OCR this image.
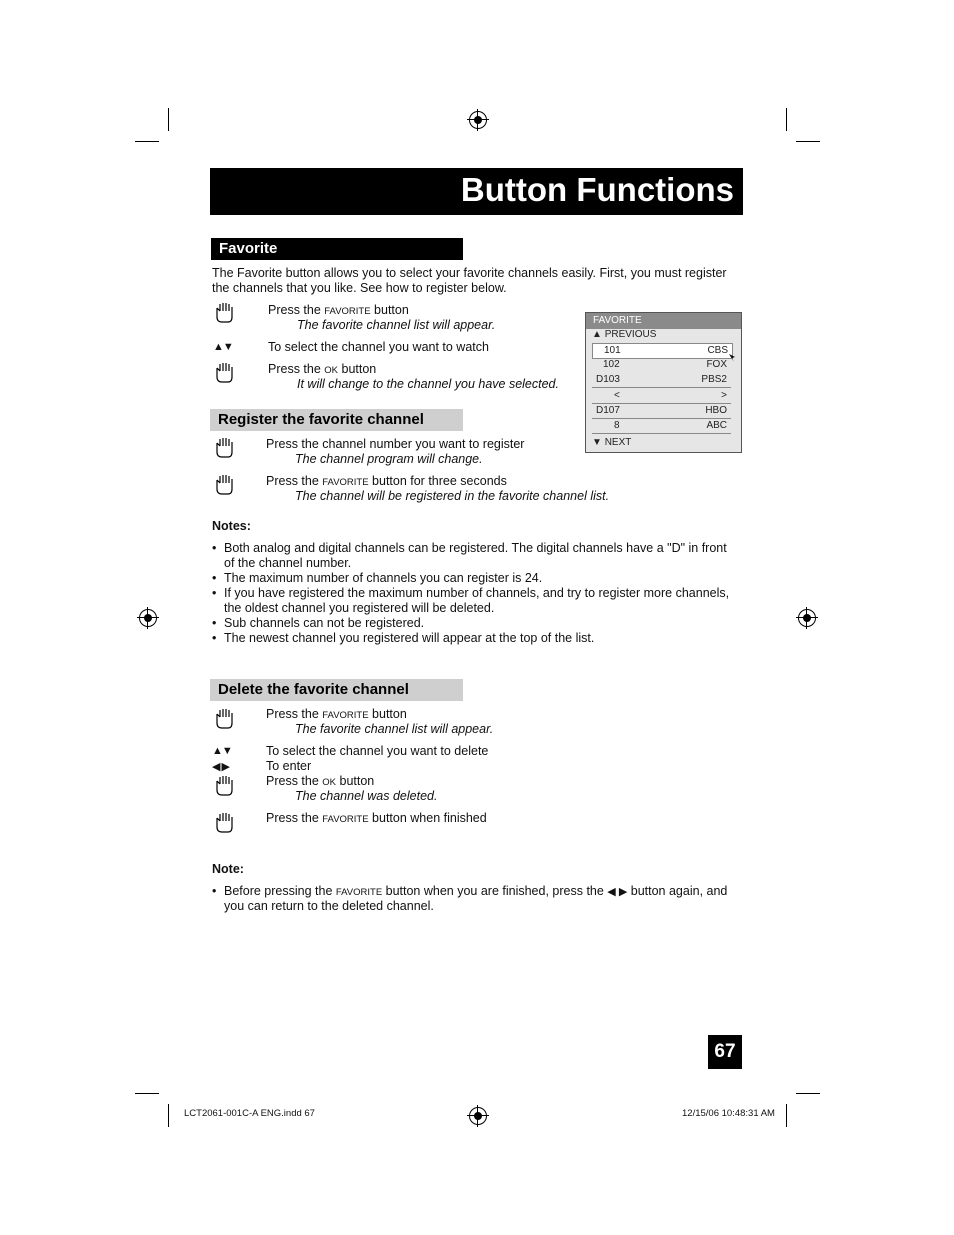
Button Functions
Favorite
The Favorite button allows you to select your favorite channels easily. First, you must register
the channels that you like. See how to register below.
Press the FAVORITE button
The favorite channel list will appear.
▲▼	To select the channel you want to watch
Press the OK button
It will change to the channel you have selected.
FAVORITE
▲ PREVIOUS
101	CBS
102	FOX
D103	PBS2
<	>
D107	HBO
8	ABC
▼ NEXT
Register the favorite channel
Press the channel number you want to register
The channel program will change.
Press the FAVORITE button for three seconds
The channel will be registered in the favorite channel list.
Notes:
• Both analog and digital channels can be registered. The digital channels have a "D" in front
of the channel number.
• The maximum number of channels you can register is 24.
• If you have registered the maximum number of channels, and try to register more channels,
the oldest channel you registered will be deleted.
• Sub channels can not be registered.
• The newest channel you registered will appear at the top of the list.
Delete the favorite channel
Press the FAVORITE button
The favorite channel list will appear.
▲▼	To select the channel you want to delete
◀ ▶	To enter
Press the OK button
The channel was deleted.
Press the FAVORITE button when finished
Note:
• Before pressing the FAVORITE button when you are finished, press the ◀ ▶ button again, and
you can return to the deleted channel.
67
LCT2061-001C-A ENG.indd 67	12/15/06 10:48:31 AM
